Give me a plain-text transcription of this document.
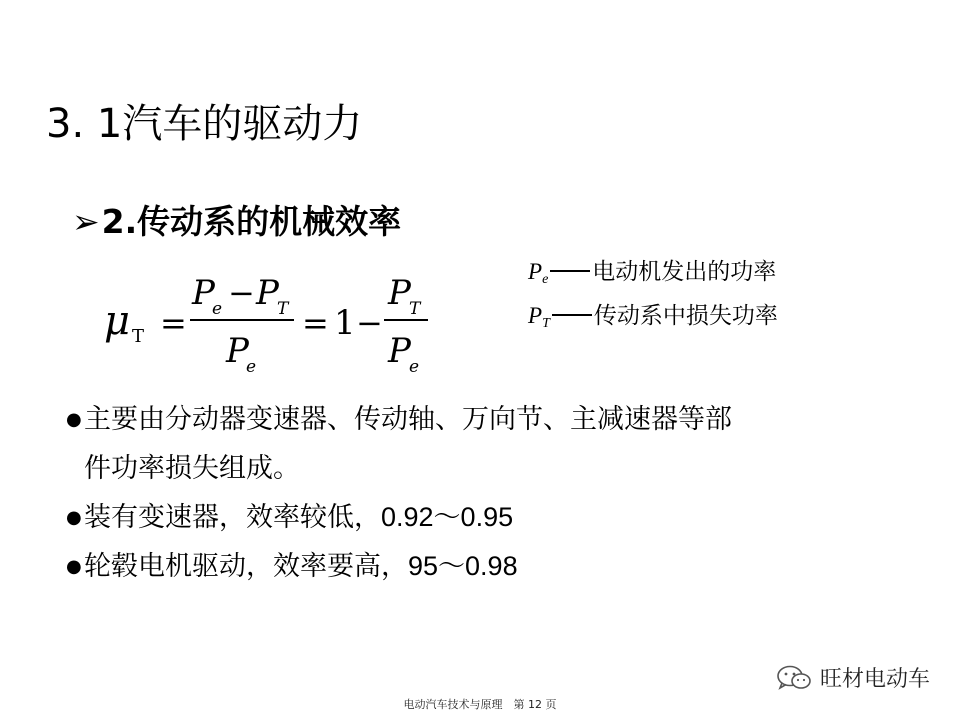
3. 1汽车的驱动力
➢2.传动系的机械效率
μ T =
P
e − P
T
P
e
= 1 −
P
T
P
e
$P_e$ 电动机发出的功率
$P_T$ 传动系中损失功率
● 主要由分动器变速器、传动轴、万向节、主减速器等部
件功率损失组成。
● 装有变速器，效率较低，0.92～0.95
● 轮毂电机驱动，效率要高，95～0.98
旺材电动车
电动汽车技术与原理　第 12 页
